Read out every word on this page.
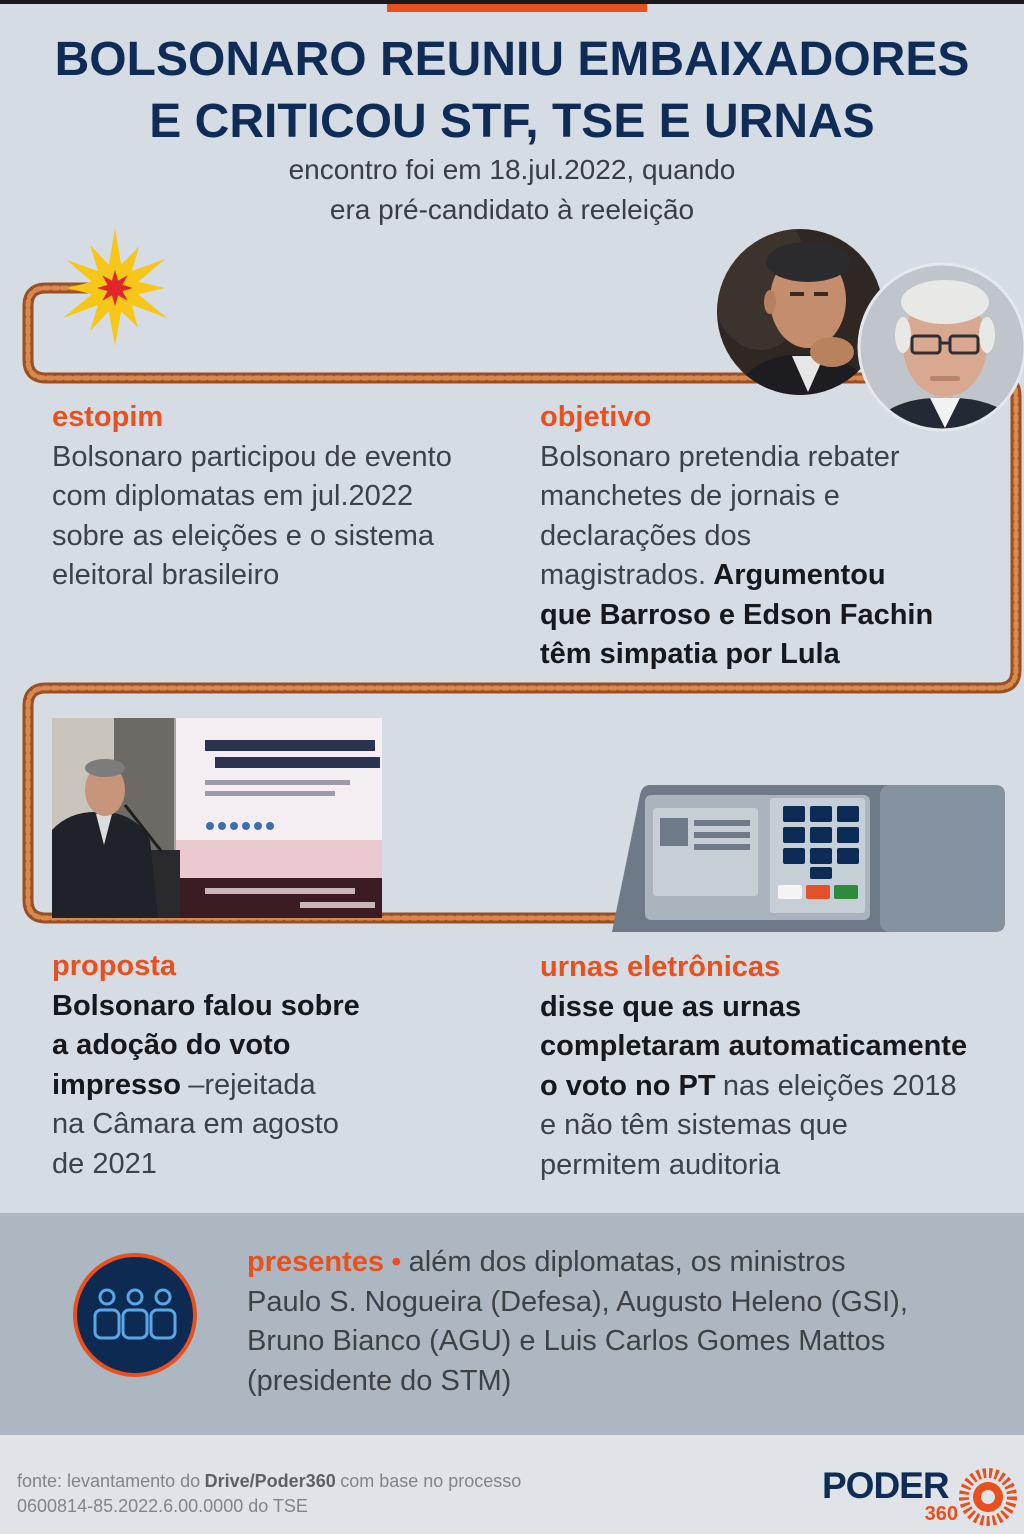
BOLSONARO REUNIU EMBAIXADORES
E CRITICOU STF, TSE E URNAS
encontro foi em 18.jul.2022, quando
era pré-candidato à reeleição
estopim
Bolsonaro participou de evento
com diplomatas em jul.2022
sobre as eleições e o sistema
eleitoral brasileiro
objetivo
Bolsonaro pretendia rebater
manchetes de jornais e
declarações dos
magistrados. Argumentou
que Barroso e Edson Fachin
têm simpatia por Lula
proposta
Bolsonaro falou sobre
a adoção do voto
impresso –rejeitada
na Câmara em agosto
de 2021
urnas eletrônicas
disse que as urnas
completaram automaticamente
o voto no PT nas eleições 2018
e não têm sistemas que
permitem auditoria
presentes • além dos diplomatas, os ministros
Paulo S. Nogueira (Defesa), Augusto Heleno (GSI),
Bruno Bianco (AGU) e Luis Carlos Gomes Mattos
(presidente do STM)
fonte: levantamento do Drive/Poder360 com base no processo
0600814-85.2022.6.00.0000 do TSE	PODER
360
